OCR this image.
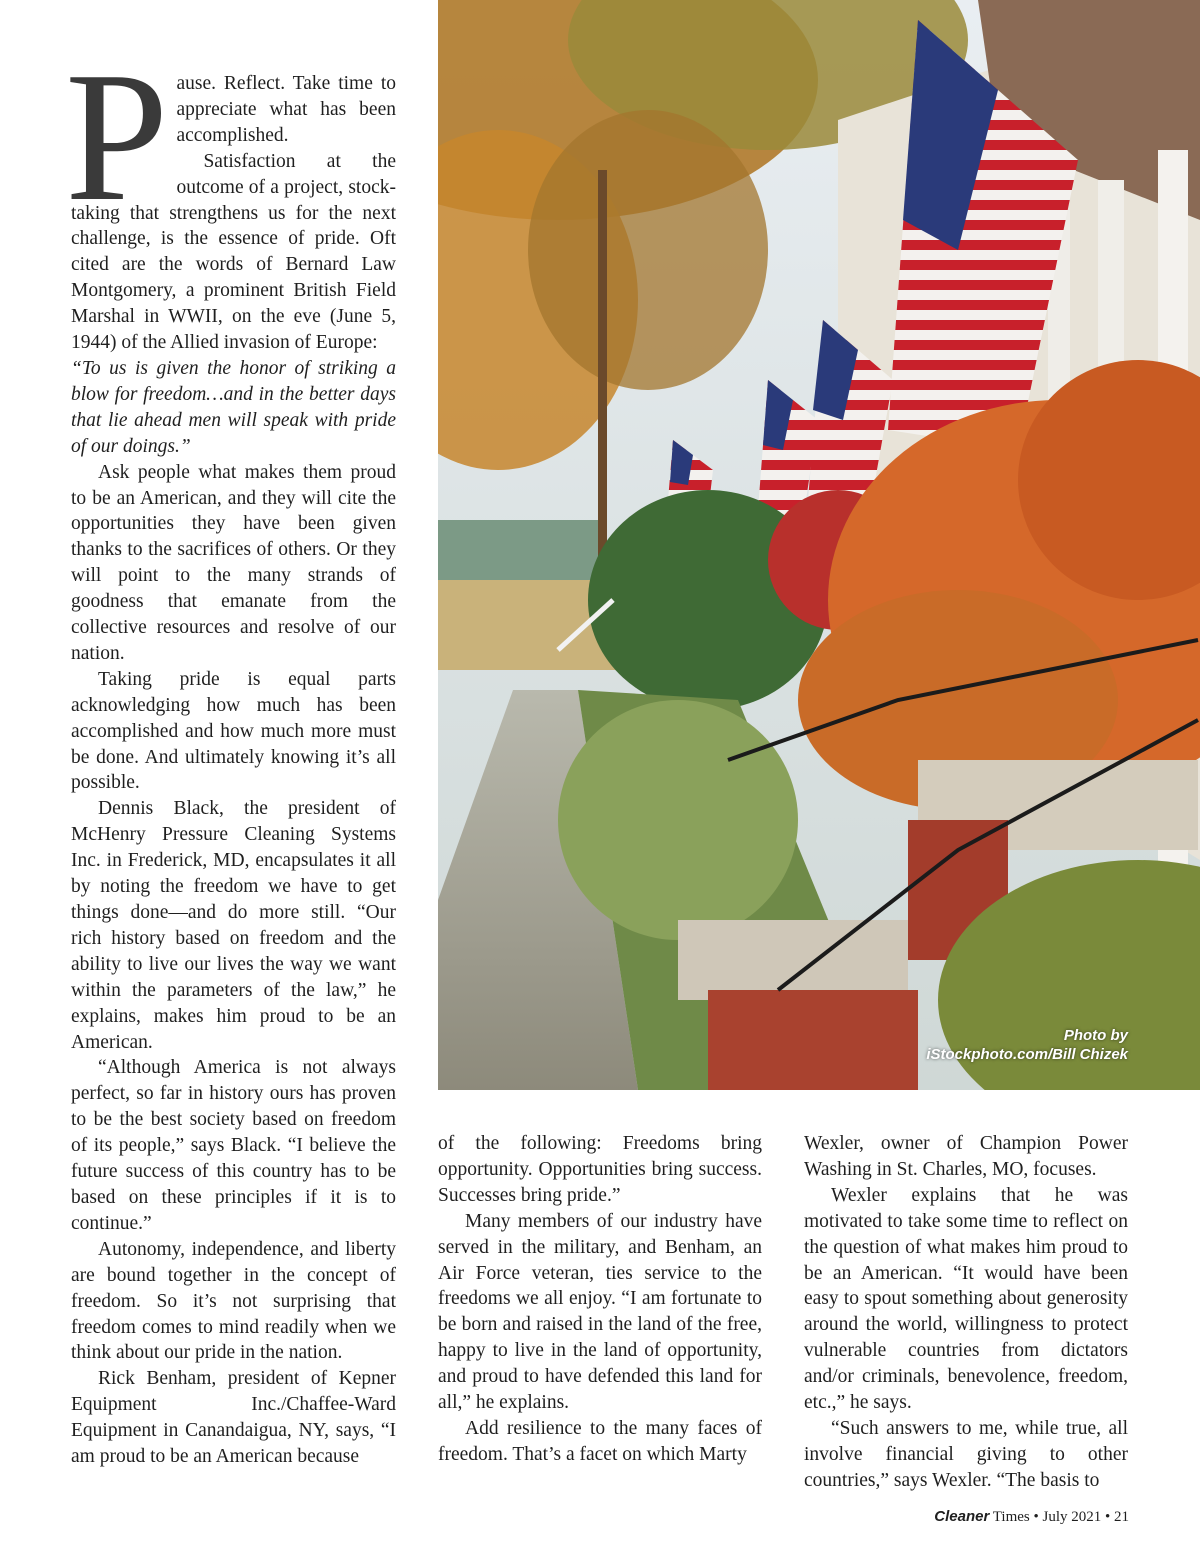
P ause. Reflect. Take time to appreciate what has been accomplished.

Satisfaction at the outcome of a project, stock-taking that strengthens us for the next challenge, is the essence of pride. Oft cited are the words of Bernard Law Montgomery, a prominent British Field Marshal in WWII, on the eve (June 5, 1944) of the Allied invasion of Europe:

“To us is given the honor of striking a blow for freedom…and in the better days that lie ahead men will speak with pride of our doings.”

Ask people what makes them proud to be an American, and they will cite the opportunities they have been given thanks to the sacrifices of others. Or they will point to the many strands of goodness that emanate from the collective resources and resolve of our nation.

Taking pride is equal parts acknowledging how much has been accomplished and how much more must be done. And ultimately knowing it’s all possible.

Dennis Black, the president of McHenry Pressure Cleaning Systems Inc. in Frederick, MD, encapsulates it all by noting the freedom we have to get things done—and do more still. “Our rich history based on freedom and the ability to live our lives the way we want within the parameters of the law,” he explains, makes him proud to be an American.

“Although America is not always perfect, so far in history ours has proven to be the best society based on freedom of its people,” says Black. “I believe the future success of this country has to be based on these principles if it is to continue.”

Autonomy, independence, and liberty are bound together in the concept of freedom. So it’s not surprising that freedom comes to mind readily when we think about our pride in the nation.

Rick Benham, president of Kepner Equipment Inc./Chaffee-Ward Equipment in Canandaigua, NY, says, “I am proud to be an American because

Photo by
iStockphoto.com/Bill Chizek

of the following: Freedoms bring opportunity. Opportunities bring success. Successes bring pride.”

Many members of our industry have served in the military, and Benham, an Air Force veteran, ties service to the freedoms we all enjoy. “I am fortunate to be born and raised in the land of the free, happy to live in the land of opportunity, and proud to have defended this land for all,” he explains.

Add resilience to the many faces of freedom. That’s a facet on which Marty

Wexler, owner of Champion Power Washing in St. Charles, MO, focuses.

Wexler explains that he was motivated to take some time to reflect on the question of what makes him proud to be an American. “It would have been easy to spout something about generosity around the world, willingness to protect vulnerable countries from dictators and/or criminals, benevolence, freedom, etc.,” he says.

“Such answers to me, while true, all involve financial giving to other countries,” says Wexler. “The basis to

Cleaner Times • July 2021 • 21
